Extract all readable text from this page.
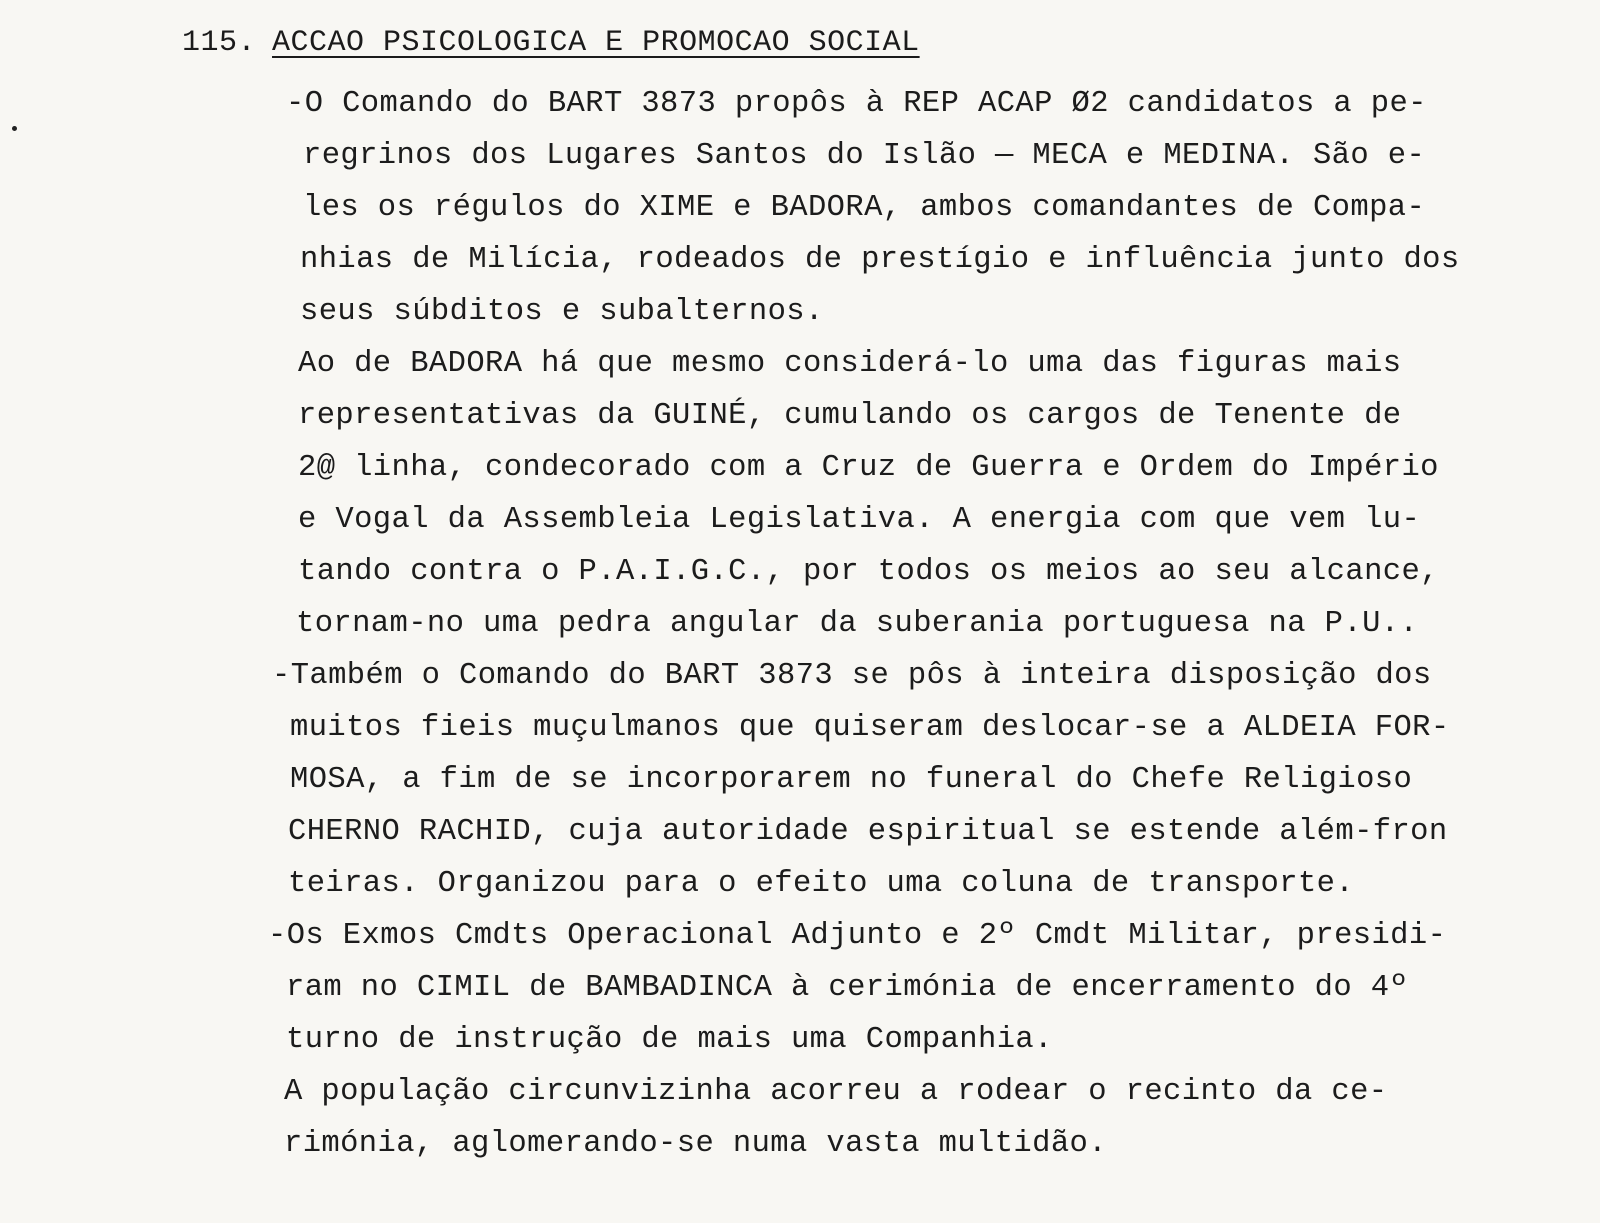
115. ACCAO PSICOLOGICA E PROMOCAO SOCIAL
-O Comando do BART 3873 propôs à REP ACAP Ø2 candidatos a pe-
regrinos dos Lugares Santos do Islão — MECA e MEDINA. São e-
les os régulos do XIME e BADORA, ambos comandantes de Compa-
nhias de Milícia, rodeados de prestígio e influência junto dos
seus súbditos e subalternos.
Ao de BADORA há que mesmo considerá-lo uma das figuras mais
representativas da GUINÉ, cumulando os cargos de Tenente de
2@ linha, condecorado com a Cruz de Guerra e Ordem do Império
e Vogal da Assembleia Legislativa. A energia com que vem lu-
tando contra o P.A.I.G.C., por todos os meios ao seu alcance,
tornam-no uma pedra angular da suberania portuguesa na P.U..
-Também o Comando do BART 3873 se pôs à inteira disposição dos
muitos fieis muçulmanos que quiseram deslocar-se a ALDEIA FOR-
MOSA, a fim de se incorporarem no funeral do Chefe Religioso
CHERNO RACHID, cuja autoridade espiritual se estende além-fron
teiras. Organizou para o efeito uma coluna de transporte.
-Os Exmos Cmdts Operacional Adjunto e 2º Cmdt Militar, presidi-
ram no CIMIL de BAMBADINCA à cerimónia de encerramento do 4º
turno de instrução de mais uma Companhia.
A população circunvizinha acorreu a rodear o recinto da ce-
rimónia, aglomerando-se numa vasta multidão.
